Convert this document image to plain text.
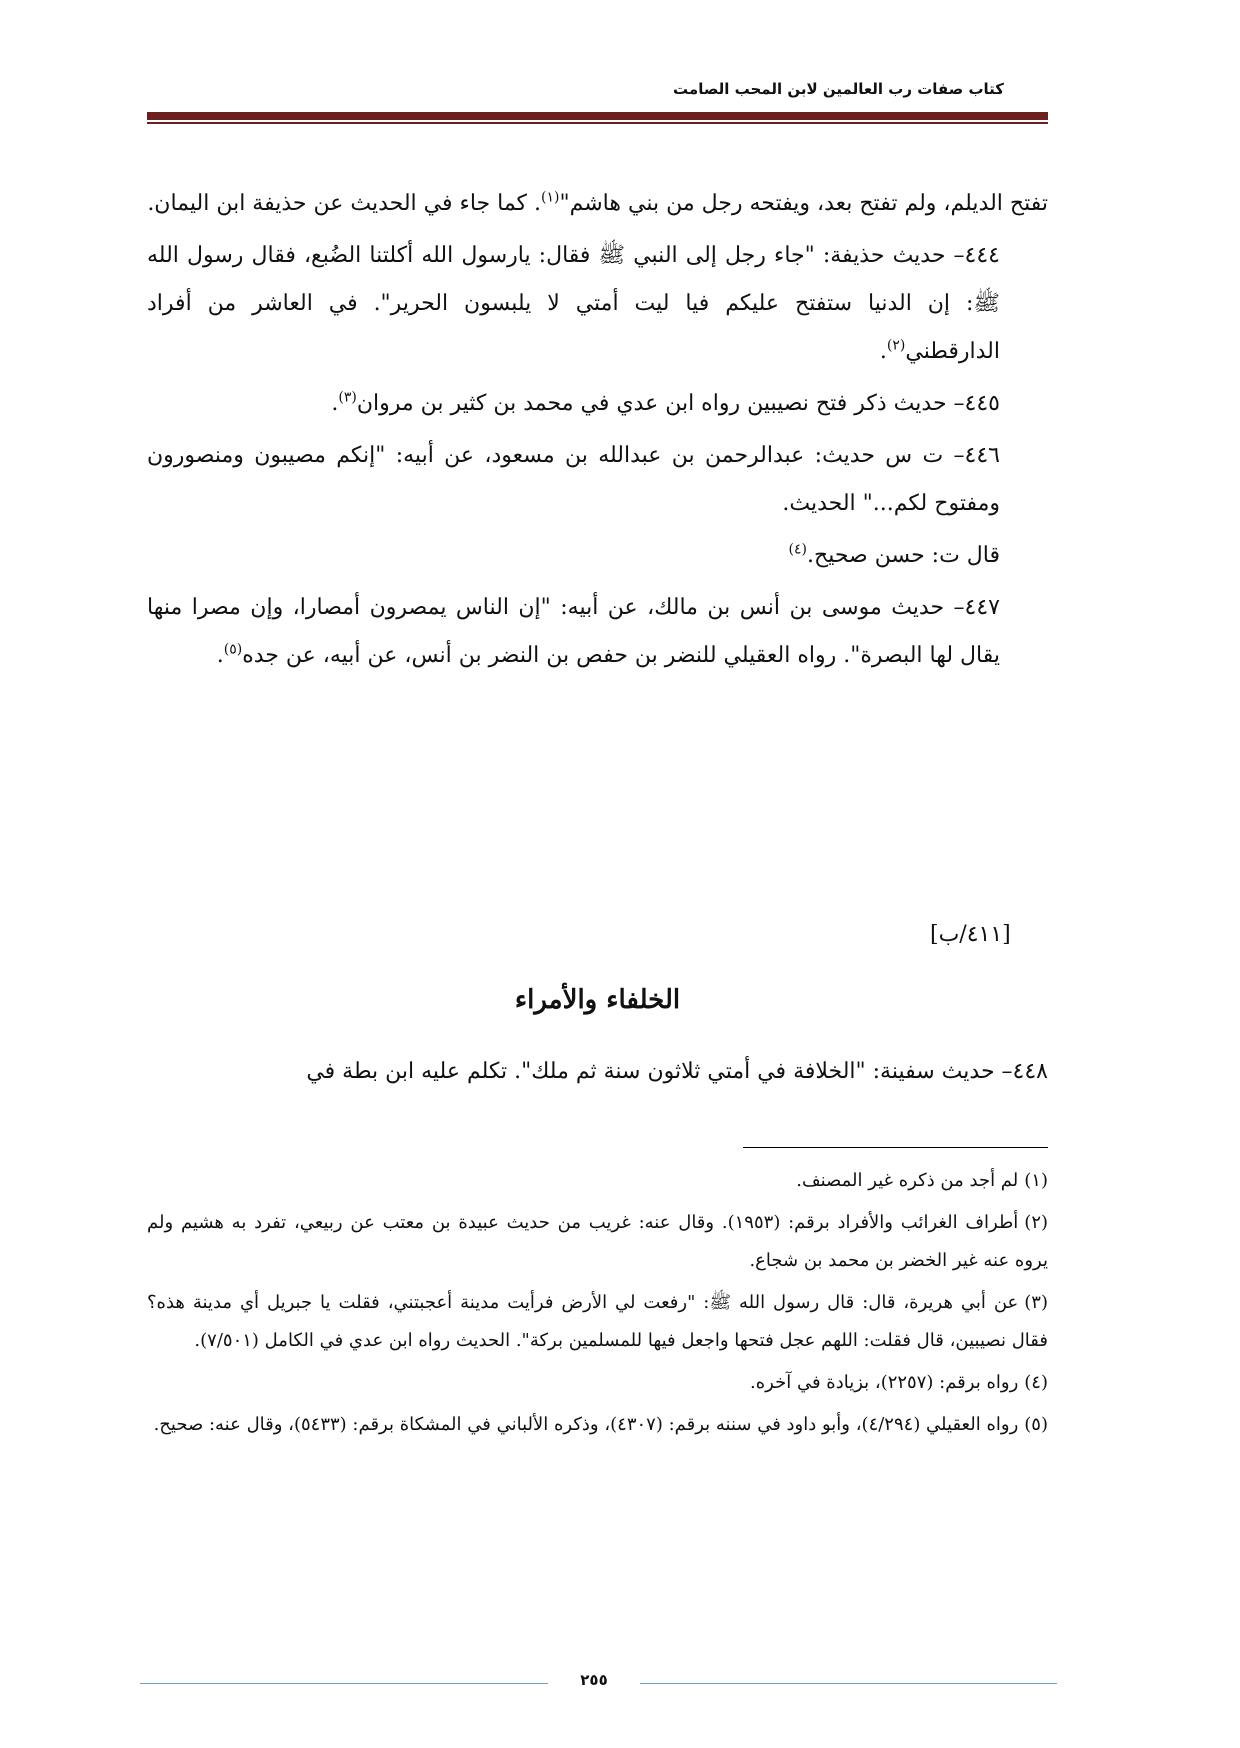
كتاب صفات رب العالمين لابن المحب الصامت

تفتح الديلم، ولم تفتح بعد، ويفتحه رجل من بني هاشم"$^{(١)}$. كما جاء في الحديث عن حذيفة ابن اليمان.

٤٤٤– حديث حذيفة: "جاء رجل إلى النبي ﷺ فقال: يارسول الله أكلتنا الضُبع، فقال رسول الله ﷺ: إن الدنيا ستفتح عليكم فيا ليت أمتي لا يلبسون الحرير". في العاشر من أفراد الدارقطني$^{(٢)}$.

٤٤٥– حديث ذكر فتح نصيبين رواه ابن عدي في محمد بن كثير بن مروان$^{(٣)}$.

٤٤٦– ت س حديث: عبدالرحمن بن عبدالله بن مسعود، عن أبيه: "إنكم مصيبون ومنصورون ومفتوح لكم..." الحديث.

قال ت: حسن صحيح.$^{(٤)}$

٤٤٧– حديث موسى بن أنس بن مالك، عن أبيه: "إن الناس يمصرون أمصارا، وإن مصرا منها يقال لها البصرة". رواه العقيلي للنضر بن حفص بن النضر بن أنس، عن أبيه، عن جده$^{(٥)}$.

[٤١١/ب]
الخلفاء والأمراء
٤٤٨– حديث سفينة: "الخلافة في أمتي ثلاثون سنة ثم ملك". تكلم عليه ابن بطة في
(١)لم أجد من ذكره غير المصنف.
(٢)أطراف الغرائب والأفراد برقم: (١٩٥٣). وقال عنه: غريب من حديث عبيدة بن معتب عن ربيعي، تفرد به هشيم ولم يروه عنه غير الخضر بن محمد بن شجاع.
(٣)عن أبي هريرة، قال: قال رسول الله ﷺ: "رفعت لي الأرض فرأيت مدينة أعجبتني، فقلت يا جبريل أي مدينة هذه؟ فقال نصيبين، قال فقلت: اللهم عجل فتحها واجعل فيها للمسلمين بركة". الحديث رواه ابن عدي في الكامل (٧/٥٠١).
(٤)رواه برقم: (٢٢٥٧)، بزيادة في آخره.
(٥)رواه العقيلي (٤/٢٩٤)، وأبو داود في سننه برقم: (٤٣٠٧)، وذكره الألباني في المشكاة برقم: (٥٤٣٣)، وقال عنه: صحيح.
٢٥٥
